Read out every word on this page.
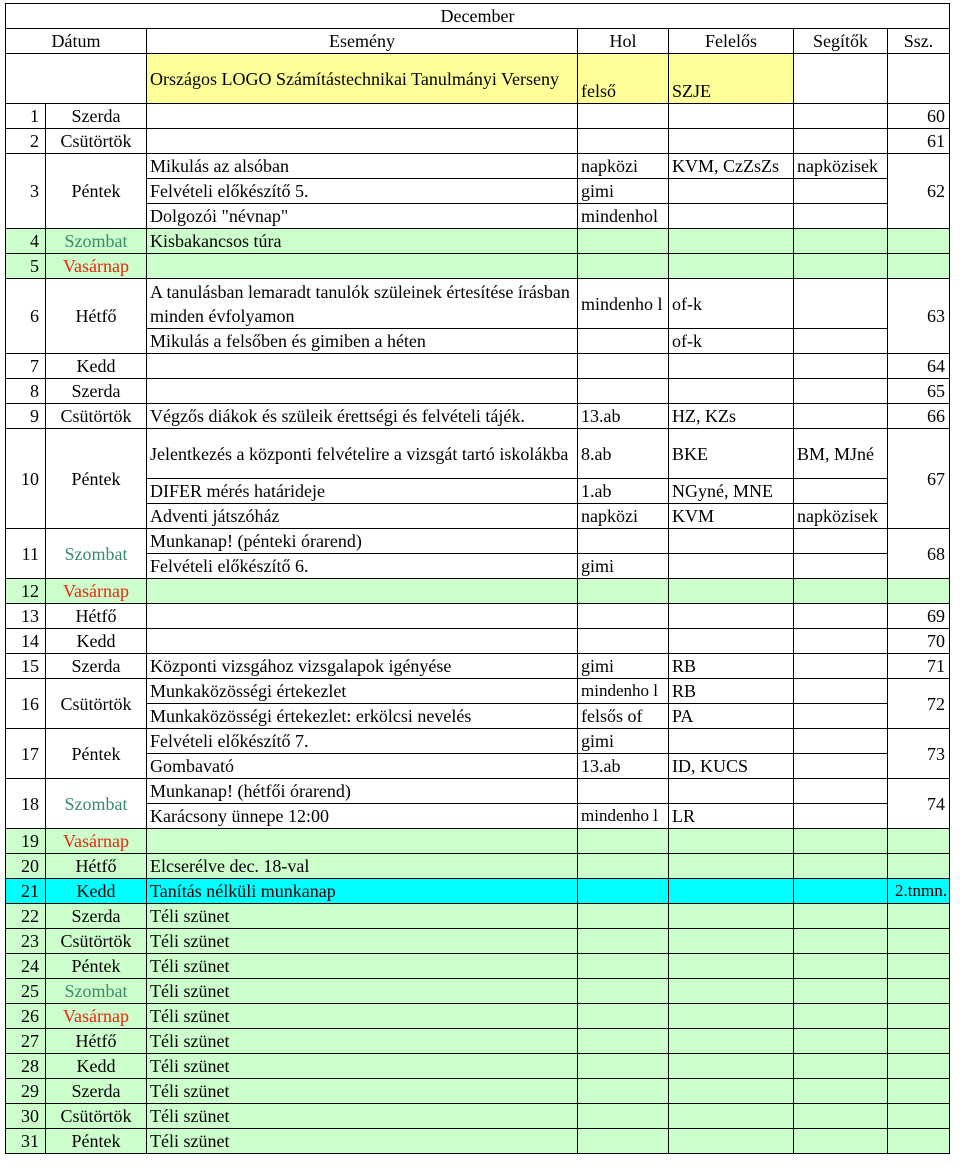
December						
Dátum		Esemény	Hol	Felelős	Segítők	Ssz.
		Országos LOGO Számítástechnikai Tanulmányi Verseny	felső	SZJE		
1	Szerda					60
2	Csütörtök					61
3	Péntek	Mikulás az alsóban	napközi	KVM, CzZsZs	napközisek	62
		Felvételi előkészítő 5.	gimi			
		Dolgozói "névnap"	mindenhol			
4	Szombat	Kisbakancsos túra				
5	Vasárnap					
6	Hétfő	A tanulásban lemaradt tanulók szüleinek értesítése írásban minden évfolyamon	mindenho l	of-k		63
		Mikulás a felsőben és gimiben a héten		of-k		
7	Kedd					64
8	Szerda					65
9	Csütörtök	Végzős diákok és szüleik érettségi és felvételi tájék.	13.ab	HZ, KZs		66
10	Péntek	Jelentkezés a központi felvételire a vizsgát tartó iskolákba	8.ab	BKE	BM, MJné	67
		DIFER mérés határideje	1.ab	NGyné, MNE		
		Adventi játszóház	napközi	KVM	napközisek	
11	Szombat	Munkanap! (pénteki órarend)				68
		Felvételi előkészítő 6.	gimi			
12	Vasárnap					
13	Hétfő					69
14	Kedd					70
15	Szerda	Központi vizsgához vizsgalapok igényése	gimi	RB		71
16	Csütörtök	Munkaközösségi értekezlet	mindenho l	RB		72
		Munkaközösségi értekezlet: erkölcsi nevelés	felsős of	PA		
17	Péntek	Felvételi előkészítő 7.	gimi			73
		Gombavató	13.ab	ID, KUCS		
18	Szombat	Munkanap! (hétfői órarend)				74
		Karácsony ünnepe 12:00	mindenho l	LR		
19	Vasárnap					
20	Hétfő	Elcserélve dec. 18-val				
21	Kedd	Tanítás nélküli munkanap				2.tnmn.
22	Szerda	Téli szünet				
23	Csütörtök	Téli szünet				
24	Péntek	Téli szünet				
25	Szombat	Téli szünet				
26	Vasárnap	Téli szünet				
27	Hétfő	Téli szünet				
28	Kedd	Téli szünet				
29	Szerda	Téli szünet				
30	Csütörtök	Téli szünet				
31	Péntek	Téli szünet				
